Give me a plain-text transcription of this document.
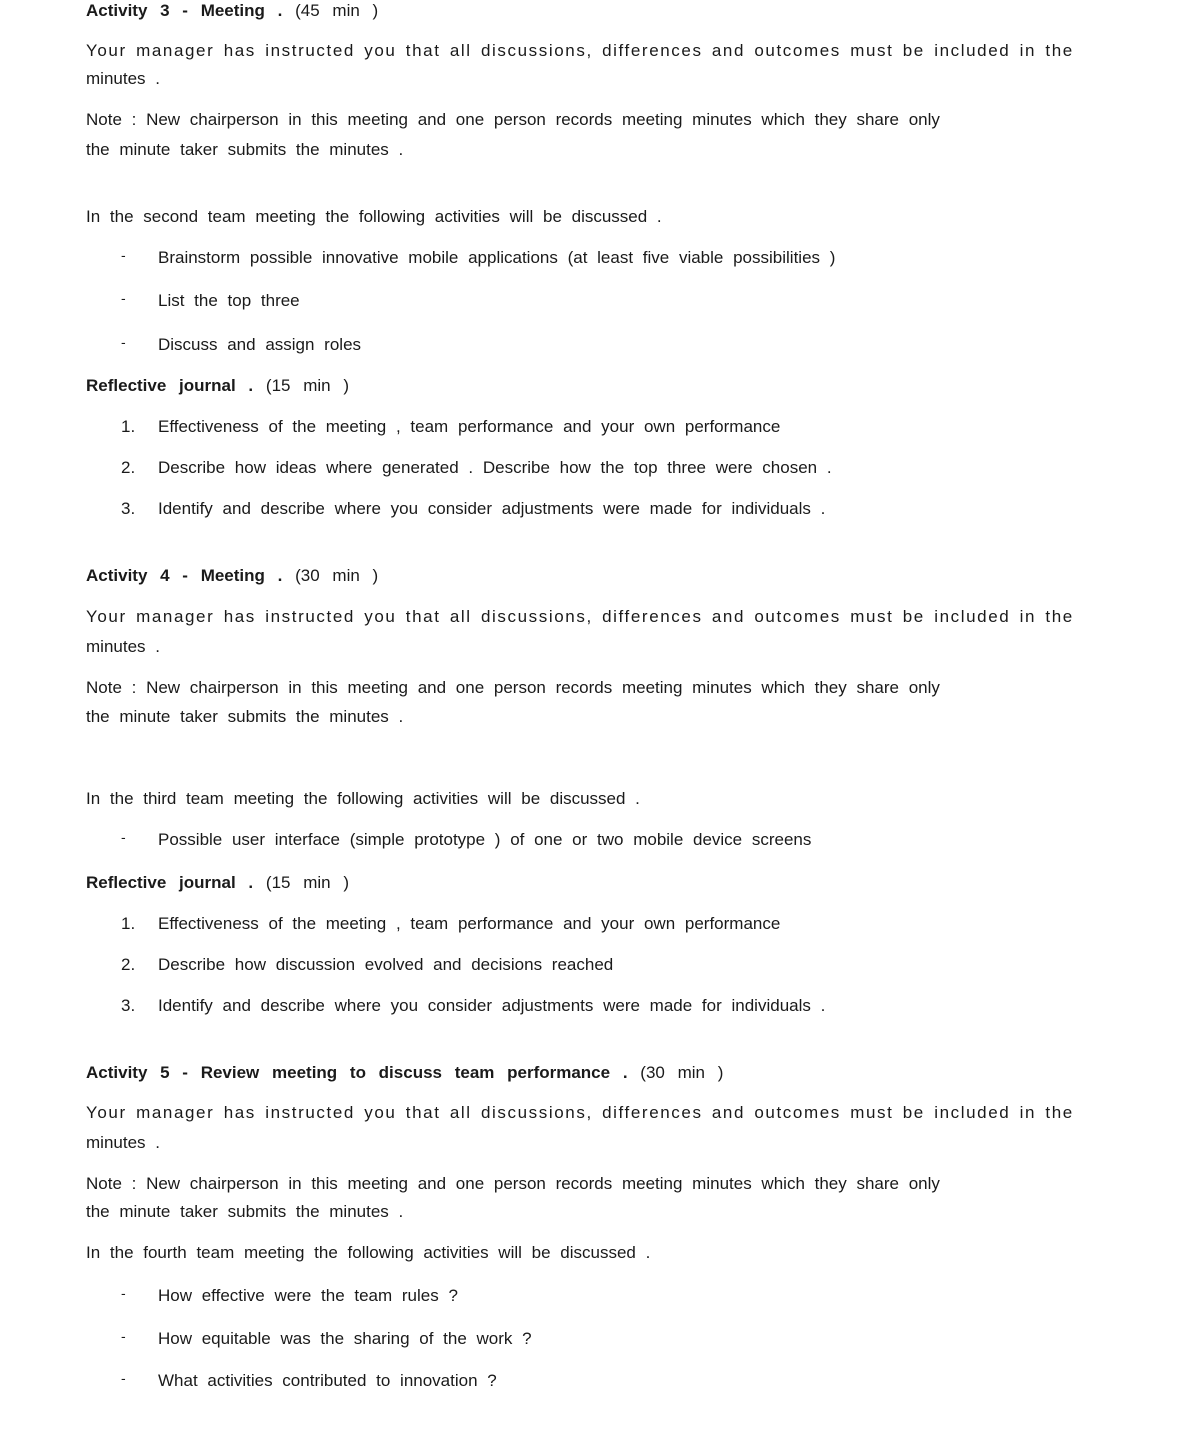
Activity 3 - Meeting . (45 min )
Your manager has instructed you that all discussions, differences and outcomes must be included in the
minutes .
Note : New chairperson in this meeting and one person records meeting minutes which they share only
the minute taker submits the minutes .
In the second team meeting the following activities will be discussed .
- Brainstorm possible innovative mobile applications (at least five viable possibilities )
- List the top three
- Discuss and assign roles
Reflective journal . (15 min )
1. Effectiveness of the meeting , team performance and your own performance
2. Describe how ideas where generated . Describe how the top three were chosen .
3. Identify and describe where you consider adjustments were made for individuals .
Activity 4 - Meeting . (30 min )
Your manager has instructed you that all discussions, differences and outcomes must be included in the
minutes .
Note : New chairperson in this meeting and one person records meeting minutes which they share only
the minute taker submits the minutes .
In the third team meeting the following activities will be discussed .
- Possible user interface (simple prototype ) of one or two mobile device screens
Reflective journal . (15 min )
1. Effectiveness of the meeting , team performance and your own performance
2. Describe how discussion evolved and decisions reached
3. Identify and describe where you consider adjustments were made for individuals .
Activity 5 - Review meeting to discuss team performance . (30 min )
Your manager has instructed you that all discussions, differences and outcomes must be included in the
minutes .
Note : New chairperson in this meeting and one person records meeting minutes which they share only
the minute taker submits the minutes .
In the fourth team meeting the following activities will be discussed .
- How effective were the team rules ?
- How equitable was the sharing of the work ?
- What activities contributed to innovation ?
